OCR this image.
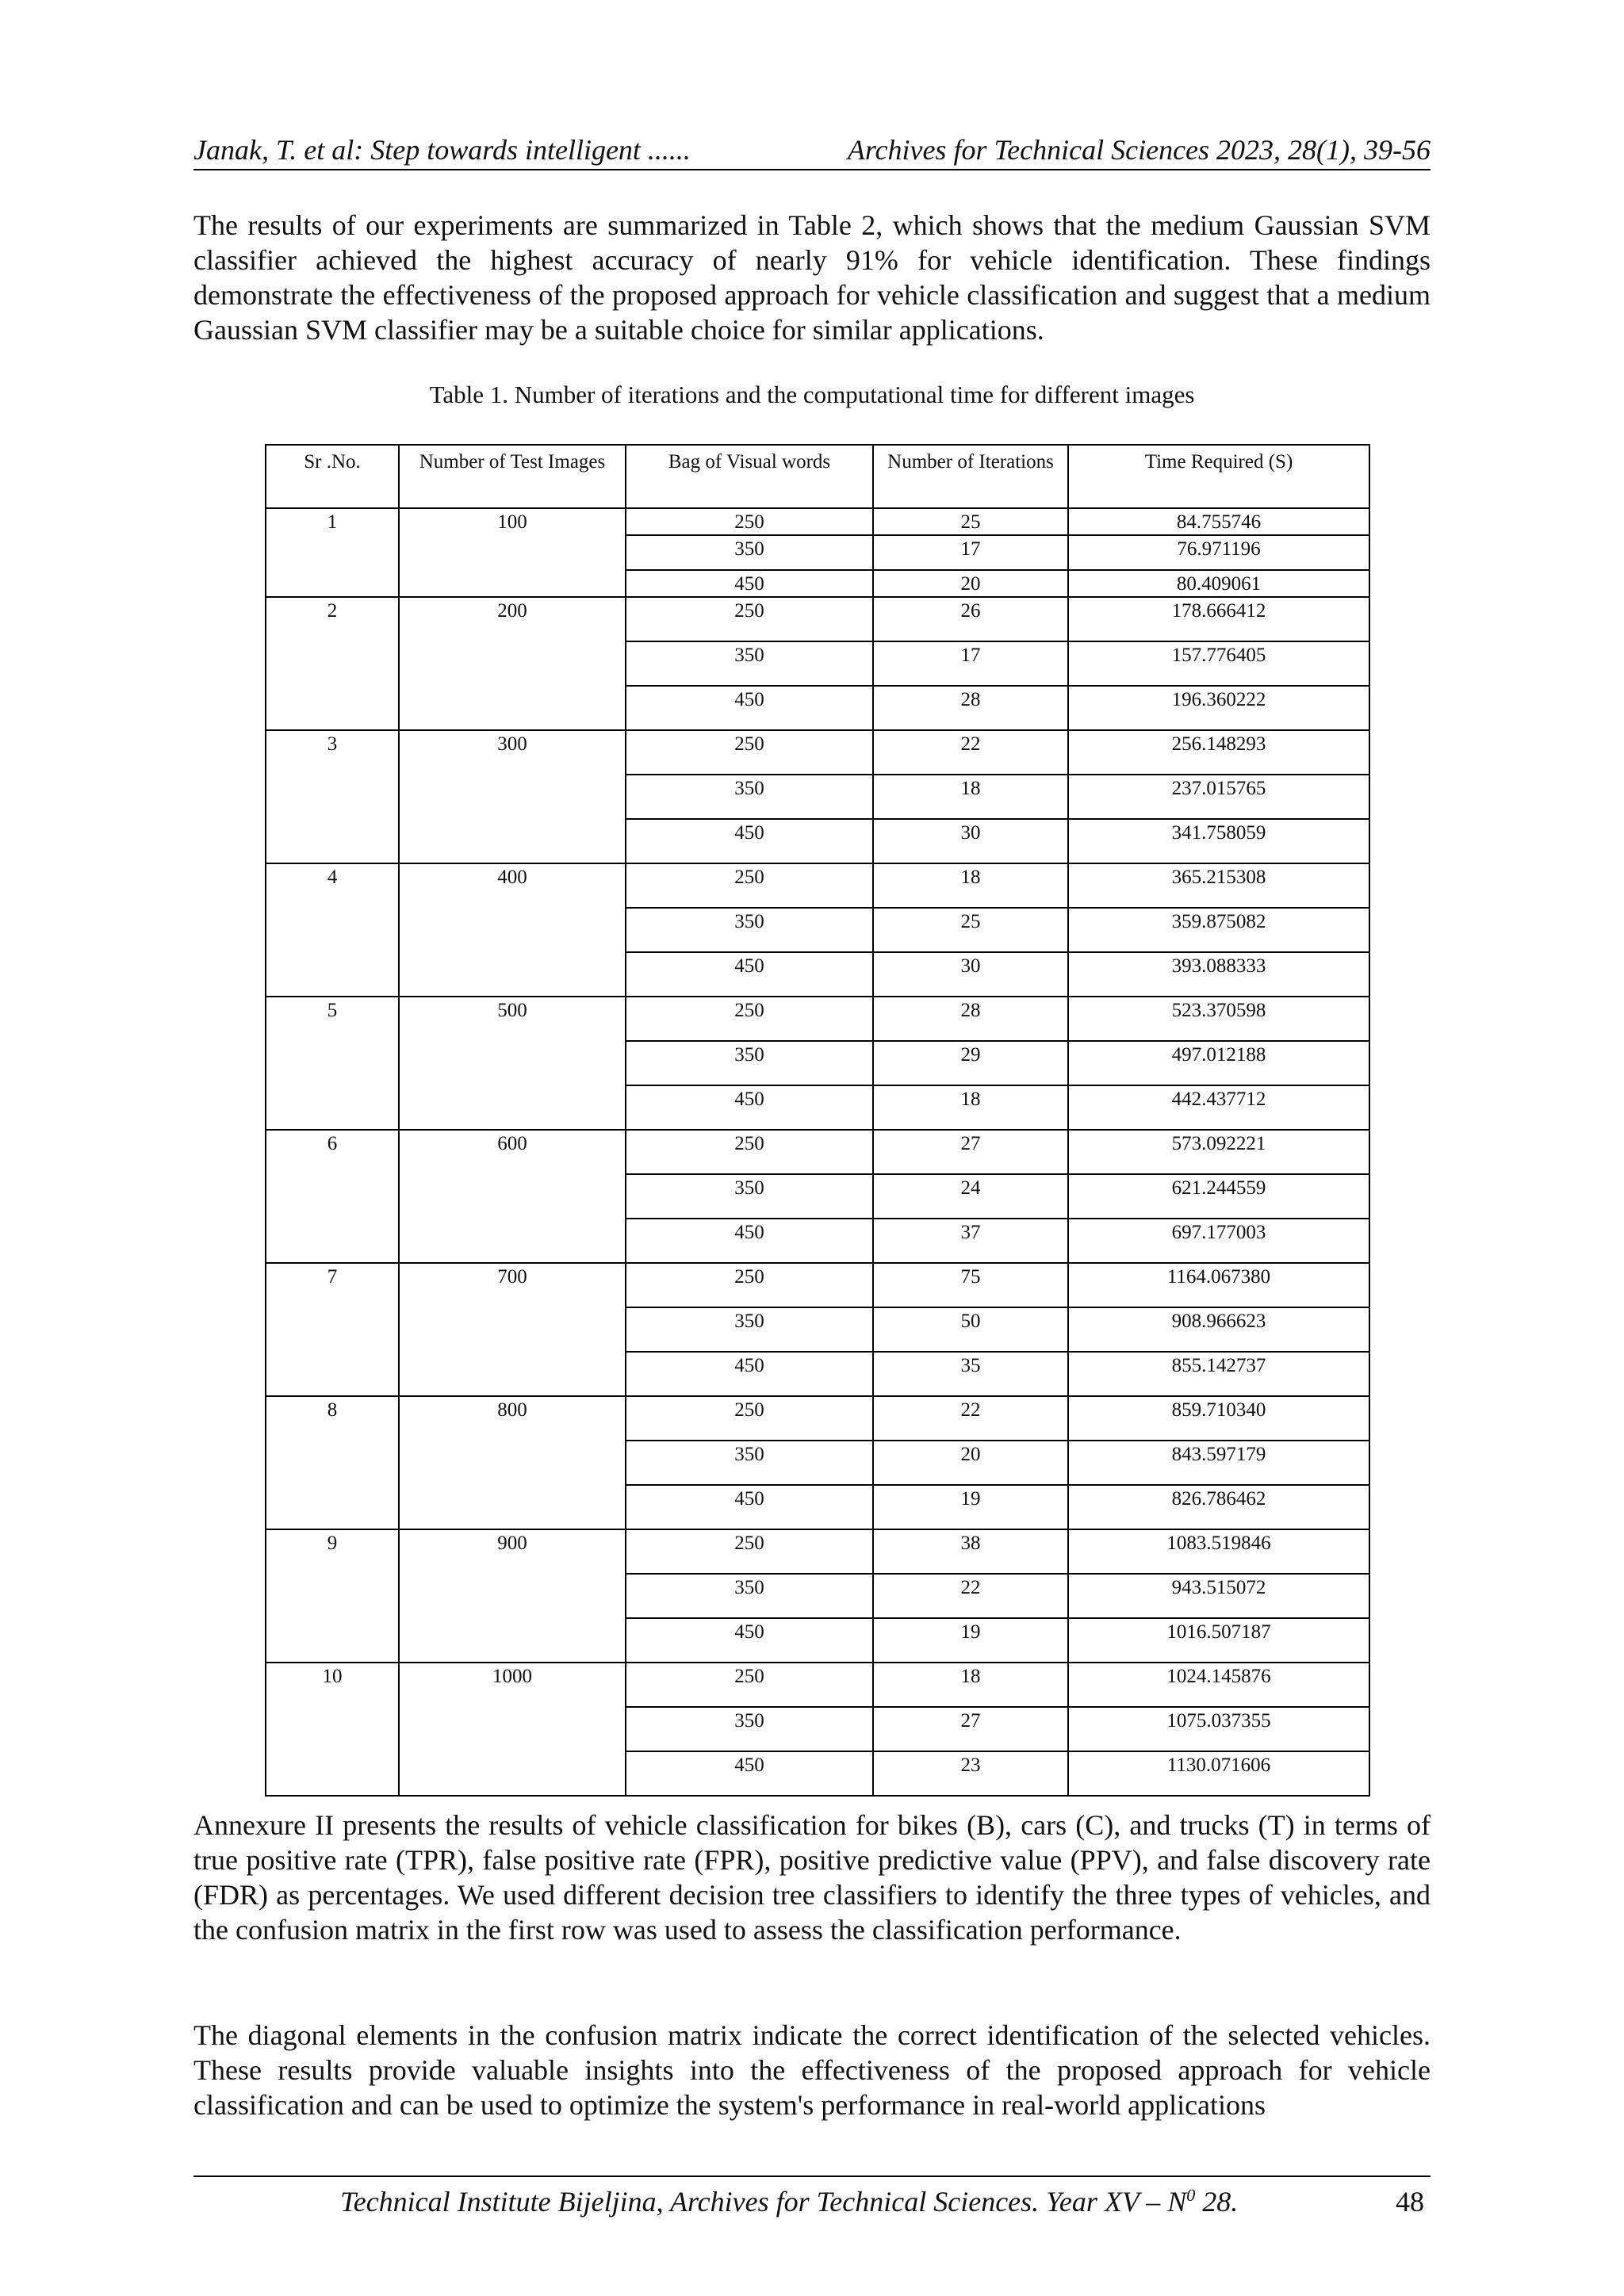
Janak, T. et al: Step towards intelligent ......	Archives for Technical Sciences 2023, 28(1), 39-56

The results of our experiments are summarized in Table 2, which shows that the medium Gaussian SVM classifier achieved the highest accuracy of nearly 91% for vehicle identification. These findings demonstrate the effectiveness of the proposed approach for vehicle classification and suggest that a medium Gaussian SVM classifier may be a suitable choice for similar applications.

Table 1. Number of iterations and the computational time for different images
Sr .No.	Number of Test Images	Bag of Visual words	Number of Iterations	Time Required (S)
1	100	250	25	84.755746
		350	17	76.971196
		450	20	80.409061
2	200	250	26	178.666412
		350	17	157.776405
		450	28	196.360222
3	300	250	22	256.148293
		350	18	237.015765
		450	30	341.758059
4	400	250	18	365.215308
		350	25	359.875082
		450	30	393.088333
5	500	250	28	523.370598
		350	29	497.012188
		450	18	442.437712
6	600	250	27	573.092221
		350	24	621.244559
		450	37	697.177003
7	700	250	75	1164.067380
		350	50	908.966623
		450	35	855.142737
8	800	250	22	859.710340
		350	20	843.597179
		450	19	826.786462
9	900	250	38	1083.519846
		350	22	943.515072
		450	19	1016.507187
10	1000	250	18	1024.145876
		350	27	1075.037355
		450	23	1130.071606

Annexure II presents the results of vehicle classification for bikes (B), cars (C), and trucks (T) in terms of true positive rate (TPR), false positive rate (FPR), positive predictive value (PPV), and false discovery rate (FDR) as percentages. We used different decision tree classifiers to identify the three types of vehicles, and the confusion matrix in the first row was used to assess the classification performance.

The diagonal elements in the confusion matrix indicate the correct identification of the selected vehicles. These results provide valuable insights into the effectiveness of the proposed approach for vehicle classification and can be used to optimize the system's performance in real-world applications

Technical Institute Bijeljina, Archives for Technical Sciences. Year XV – $N^0$ 28.	48
